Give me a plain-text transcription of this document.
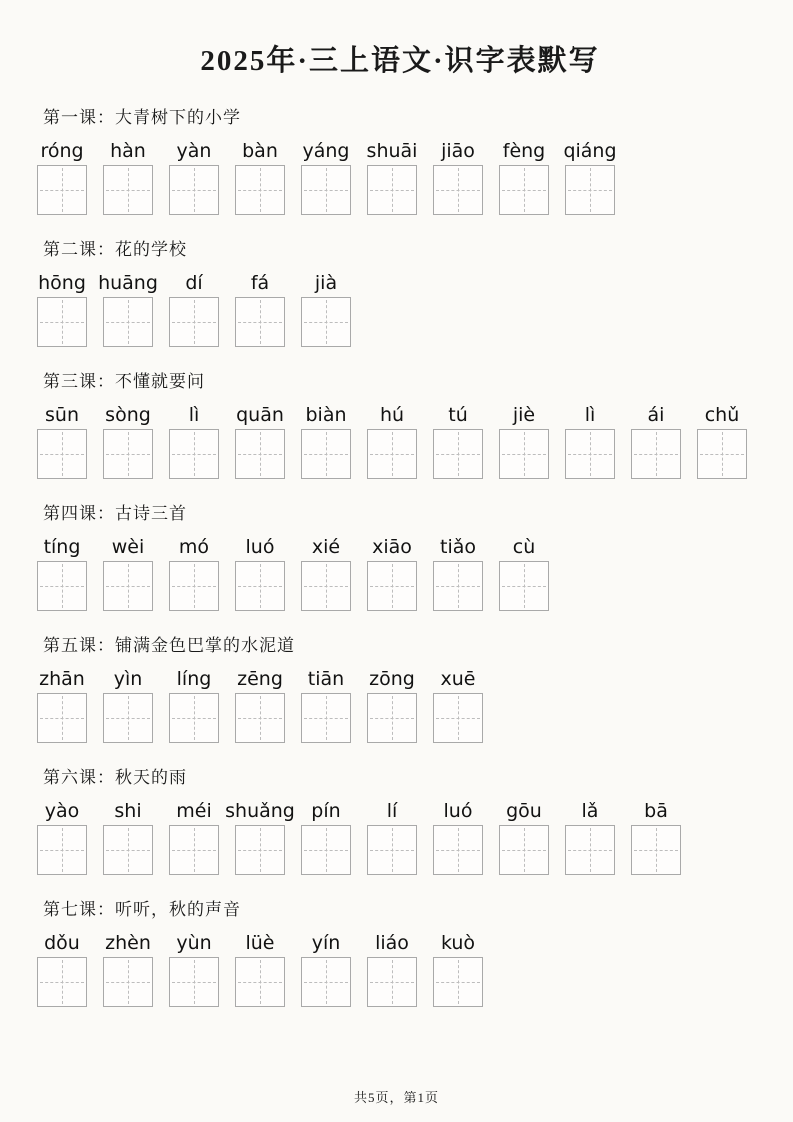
2025年·三上语文·识字表默写
第一课：大青树下的小学
róng hàn yàn bàn yáng shuāi jiāo fèng qiáng
第二课：花的学校
hōng huāng dí	fá jià
第三课：不懂就要问
sūn sòng lì quān biàn hú tú jiè	lì	ái chǔ
第四课：古诗三首
tíng wèi mó luó xié xiāo tiǎo cù
第五课：铺满金色巴掌的水泥道
zhān yìn líng zēng tiān zōng xuē
第六课：秋天的雨
yào shi méi shuǎng pín lí luó gōu lǎ bā
第七课：听听，秋的声音
dǒu zhèn yùn lüè yín liáo kuò
共5页，第1页
